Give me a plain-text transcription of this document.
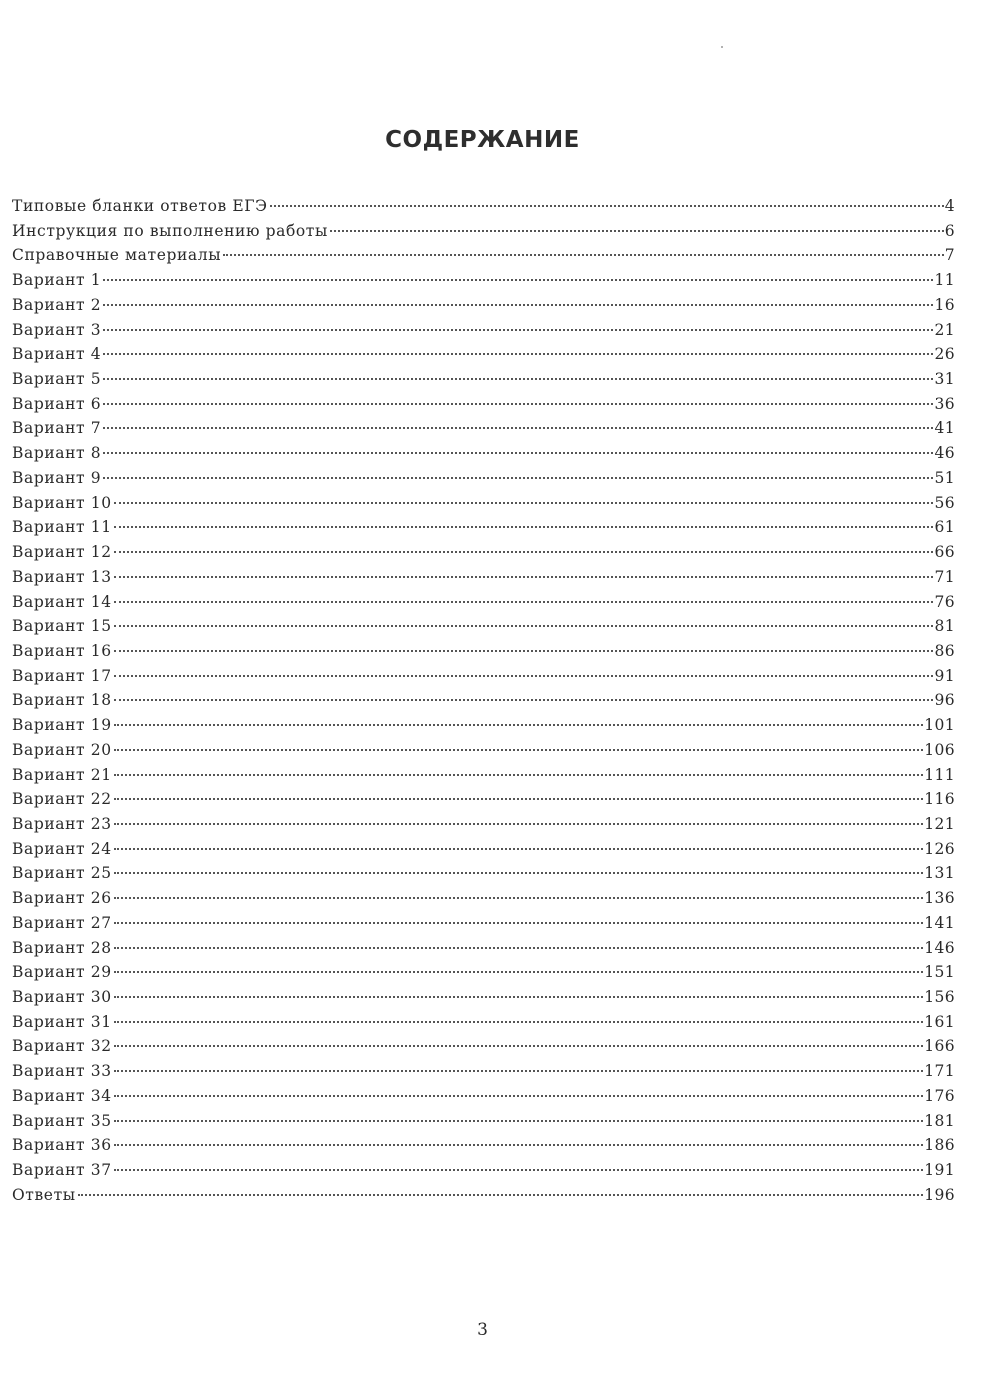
СОДЕРЖАНИЕ
Типовые бланки ответов ЕГЭ	4
Инструкция по выполнению работы	6
Справочные материалы	7
Вариант 1	11
Вариант 2	16
Вариант 3	21
Вариант 4	26
Вариант 5	31
Вариант 6	36
Вариант 7	41
Вариант 8	46
Вариант 9	51
Вариант 10	56
Вариант 11	61
Вариант 12	66
Вариант 13	71
Вариант 14	76
Вариант 15	81
Вариант 16	86
Вариант 17	91
Вариант 18	96
Вариант 19	101
Вариант 20	106
Вариант 21	111
Вариант 22	116
Вариант 23	121
Вариант 24	126
Вариант 25	131
Вариант 26	136
Вариант 27	141
Вариант 28	146
Вариант 29	151
Вариант 30	156
Вариант 31	161
Вариант 32	166
Вариант 33	171
Вариант 34	176
Вариант 35	181
Вариант 36	186
Вариант 37	191
Ответы	196
3
